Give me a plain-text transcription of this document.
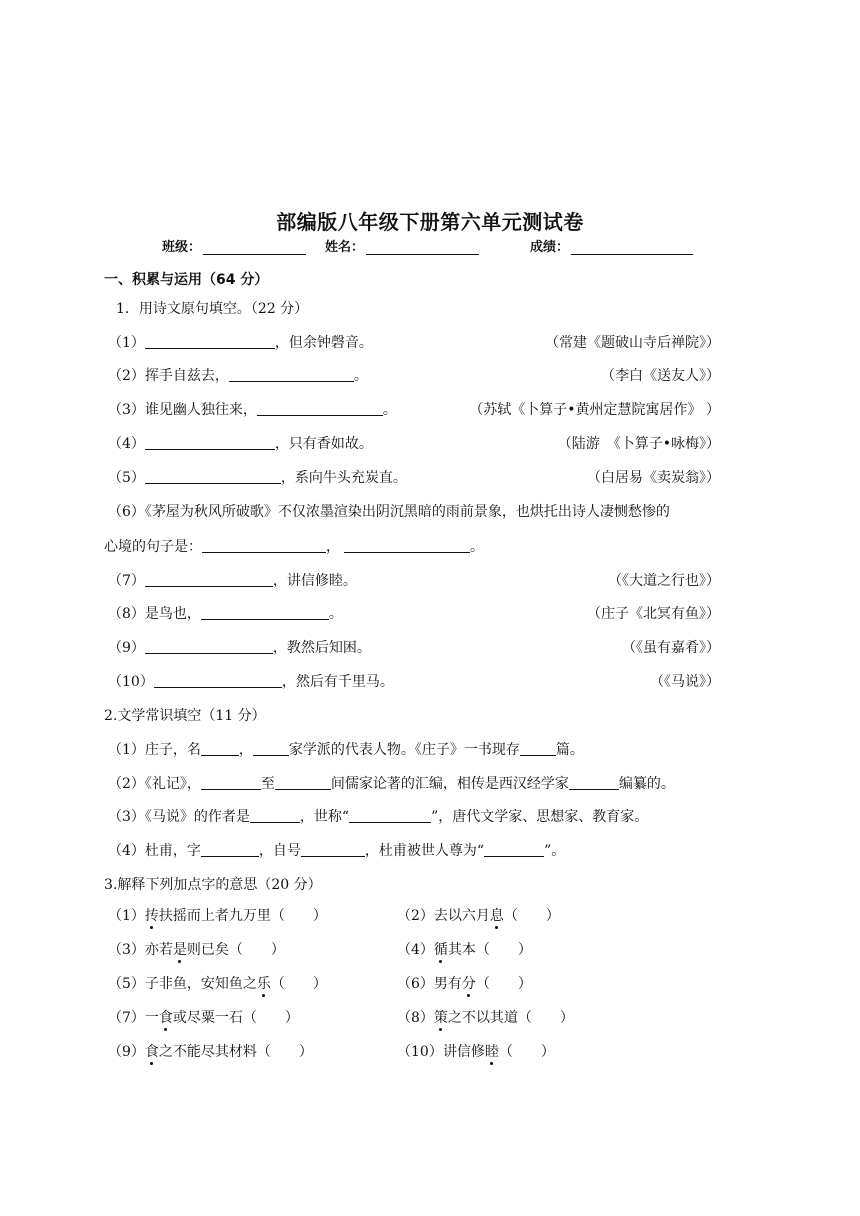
部编版八年级下册第六单元测试卷
班级：	姓名：	成绩：
一、积累与运用（64 分）
1．用诗文原句填空。（22 分）
（1）	，但余钟磬音。	（常建《题破山寺后禅院》）
（2）挥手自兹去，	。	（李白《送友人》）
（3）谁见幽人独往来，	。	（苏轼《卜算子•黄州定慧院寓居作》 ）
（4）	，只有香如故。	（陆游　《卜算子•咏梅》）
（5）	，系向牛头充炭直。	（白居易《卖炭翁》）
（6）《茅屋为秋风所破歌》不仅浓墨渲染出阴沉黑暗的雨前景象，也烘托出诗人凄恻愁惨的
心境的句子是：	，	。
（7）	，讲信修睦。	（《大道之行也》）
（8）是鸟也，	。	（庄子《北冥有鱼》）
（9）	，教然后知困。	（《虽有嘉肴》）
（10）	，然后有千里马。	（《马说》）
2.文学常识填空（11 分）
（1）庄子，名	，	家学派的代表人物。《庄子》一书现存	篇。
（2）《礼记》，	至	间儒家论著的汇编，相传是西汉经学家	编纂的。
（3）《马说》的作者是	，世称“	”，唐代文学家、思想家、教育家。
（4）杜甫，字	，自号	，杜甫被世人尊为“	”。
3.解释下列加点字的意思（20 分）
（1）抟扶摇而上者九万里（　　）	（2）去以六月息（　　）
（3）亦若是则已矣（　　）	（4）循其本（　　）
（5）子非鱼，安知鱼之乐（　　）	（6）男有分（　　）
（7）一食或尽粟一石（　　）	（8）策之不以其道（　　）
（9）食之不能尽其材料（　　）	（10）讲信修睦（　　）
